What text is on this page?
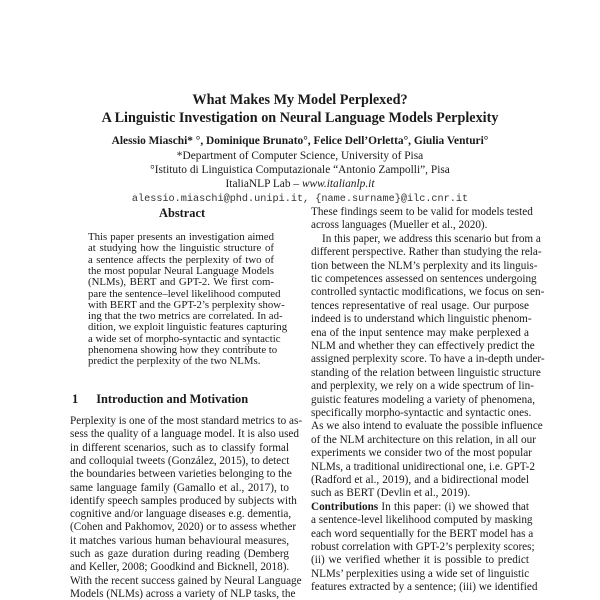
What Makes My Model Perplexed?
A Linguistic Investigation on Neural Language Models Perplexity
Alessio Miaschi* °, Dominique Brunato°, Felice Dell’Orletta°, Giulia Venturi°
*Department of Computer Science, University of Pisa
°Istituto di Linguistica Computazionale “Antonio Zampolli”, Pisa
ItaliaNLP Lab – www.italianlp.it
alessio.miaschi@phd.unipi.it, {name.surname}@ilc.cnr.it
Abstract
This paper presents an investigation aimed
at studying how the linguistic structure of
a sentence affects the perplexity of two of
the most popular Neural Language Models
(NLMs), BERT and GPT-2. We first com-
pare the sentence–level likelihood computed
with BERT and the GPT-2’s perplexity show-
ing that the two metrics are correlated. In ad-
dition, we exploit linguistic features capturing
a wide set of morpho-syntactic and syntactic
phenomena showing how they contribute to
predict the perplexity of the two NLMs.
1 Introduction and Motivation
Perplexity is one of the most standard metrics to as-
sess the quality of a language model. It is also used
in different scenarios, such as to classify formal
and colloquial tweets (González, 2015), to detect
the boundaries between varieties belonging to the
same language family (Gamallo et al., 2017), to
identify speech samples produced by subjects with
cognitive and/or language diseases e.g. dementia,
(Cohen and Pakhomov, 2020) or to assess whether
it matches various human behavioural measures,
such as gaze duration during reading (Demberg
and Keller, 2008; Goodkind and Bicknell, 2018).
With the recent success gained by Neural Language
Models (NLMs) across a variety of NLP tasks, the
These findings seem to be valid for models tested
across languages (Mueller et al., 2020).
In this paper, we address this scenario but from a
different perspective. Rather than studying the rela-
tion between the NLM’s perplexity and its linguis-
tic competences assessed on sentences undergoing
controlled syntactic modifications, we focus on sen-
tences representative of real usage. Our purpose
indeed is to understand which linguistic phenom-
ena of the input sentence may make perplexed a
NLM and whether they can effectively predict the
assigned perplexity score. To have a in-depth under-
standing of the relation between linguistic structure
and perplexity, we rely on a wide spectrum of lin-
guistic features modeling a variety of phenomena,
specifically morpho-syntactic and syntactic ones.
As we also intend to evaluate the possible influence
of the NLM architecture on this relation, in all our
experiments we consider two of the most popular
NLMs, a traditional unidirectional one, i.e. GPT-2
(Radford et al., 2019), and a bidirectional model
such as BERT (Devlin et al., 2019).
Contributions In this paper: (i) we showed that
a sentence-level likelihood computed by masking
each word sequentially for the BERT model has a
robust correlation with GPT-2’s perplexity scores;
(ii) we verified whether it is possible to predict
NLMs’ perplexities using a wide set of linguistic
features extracted by a sentence; (iii) we identified
